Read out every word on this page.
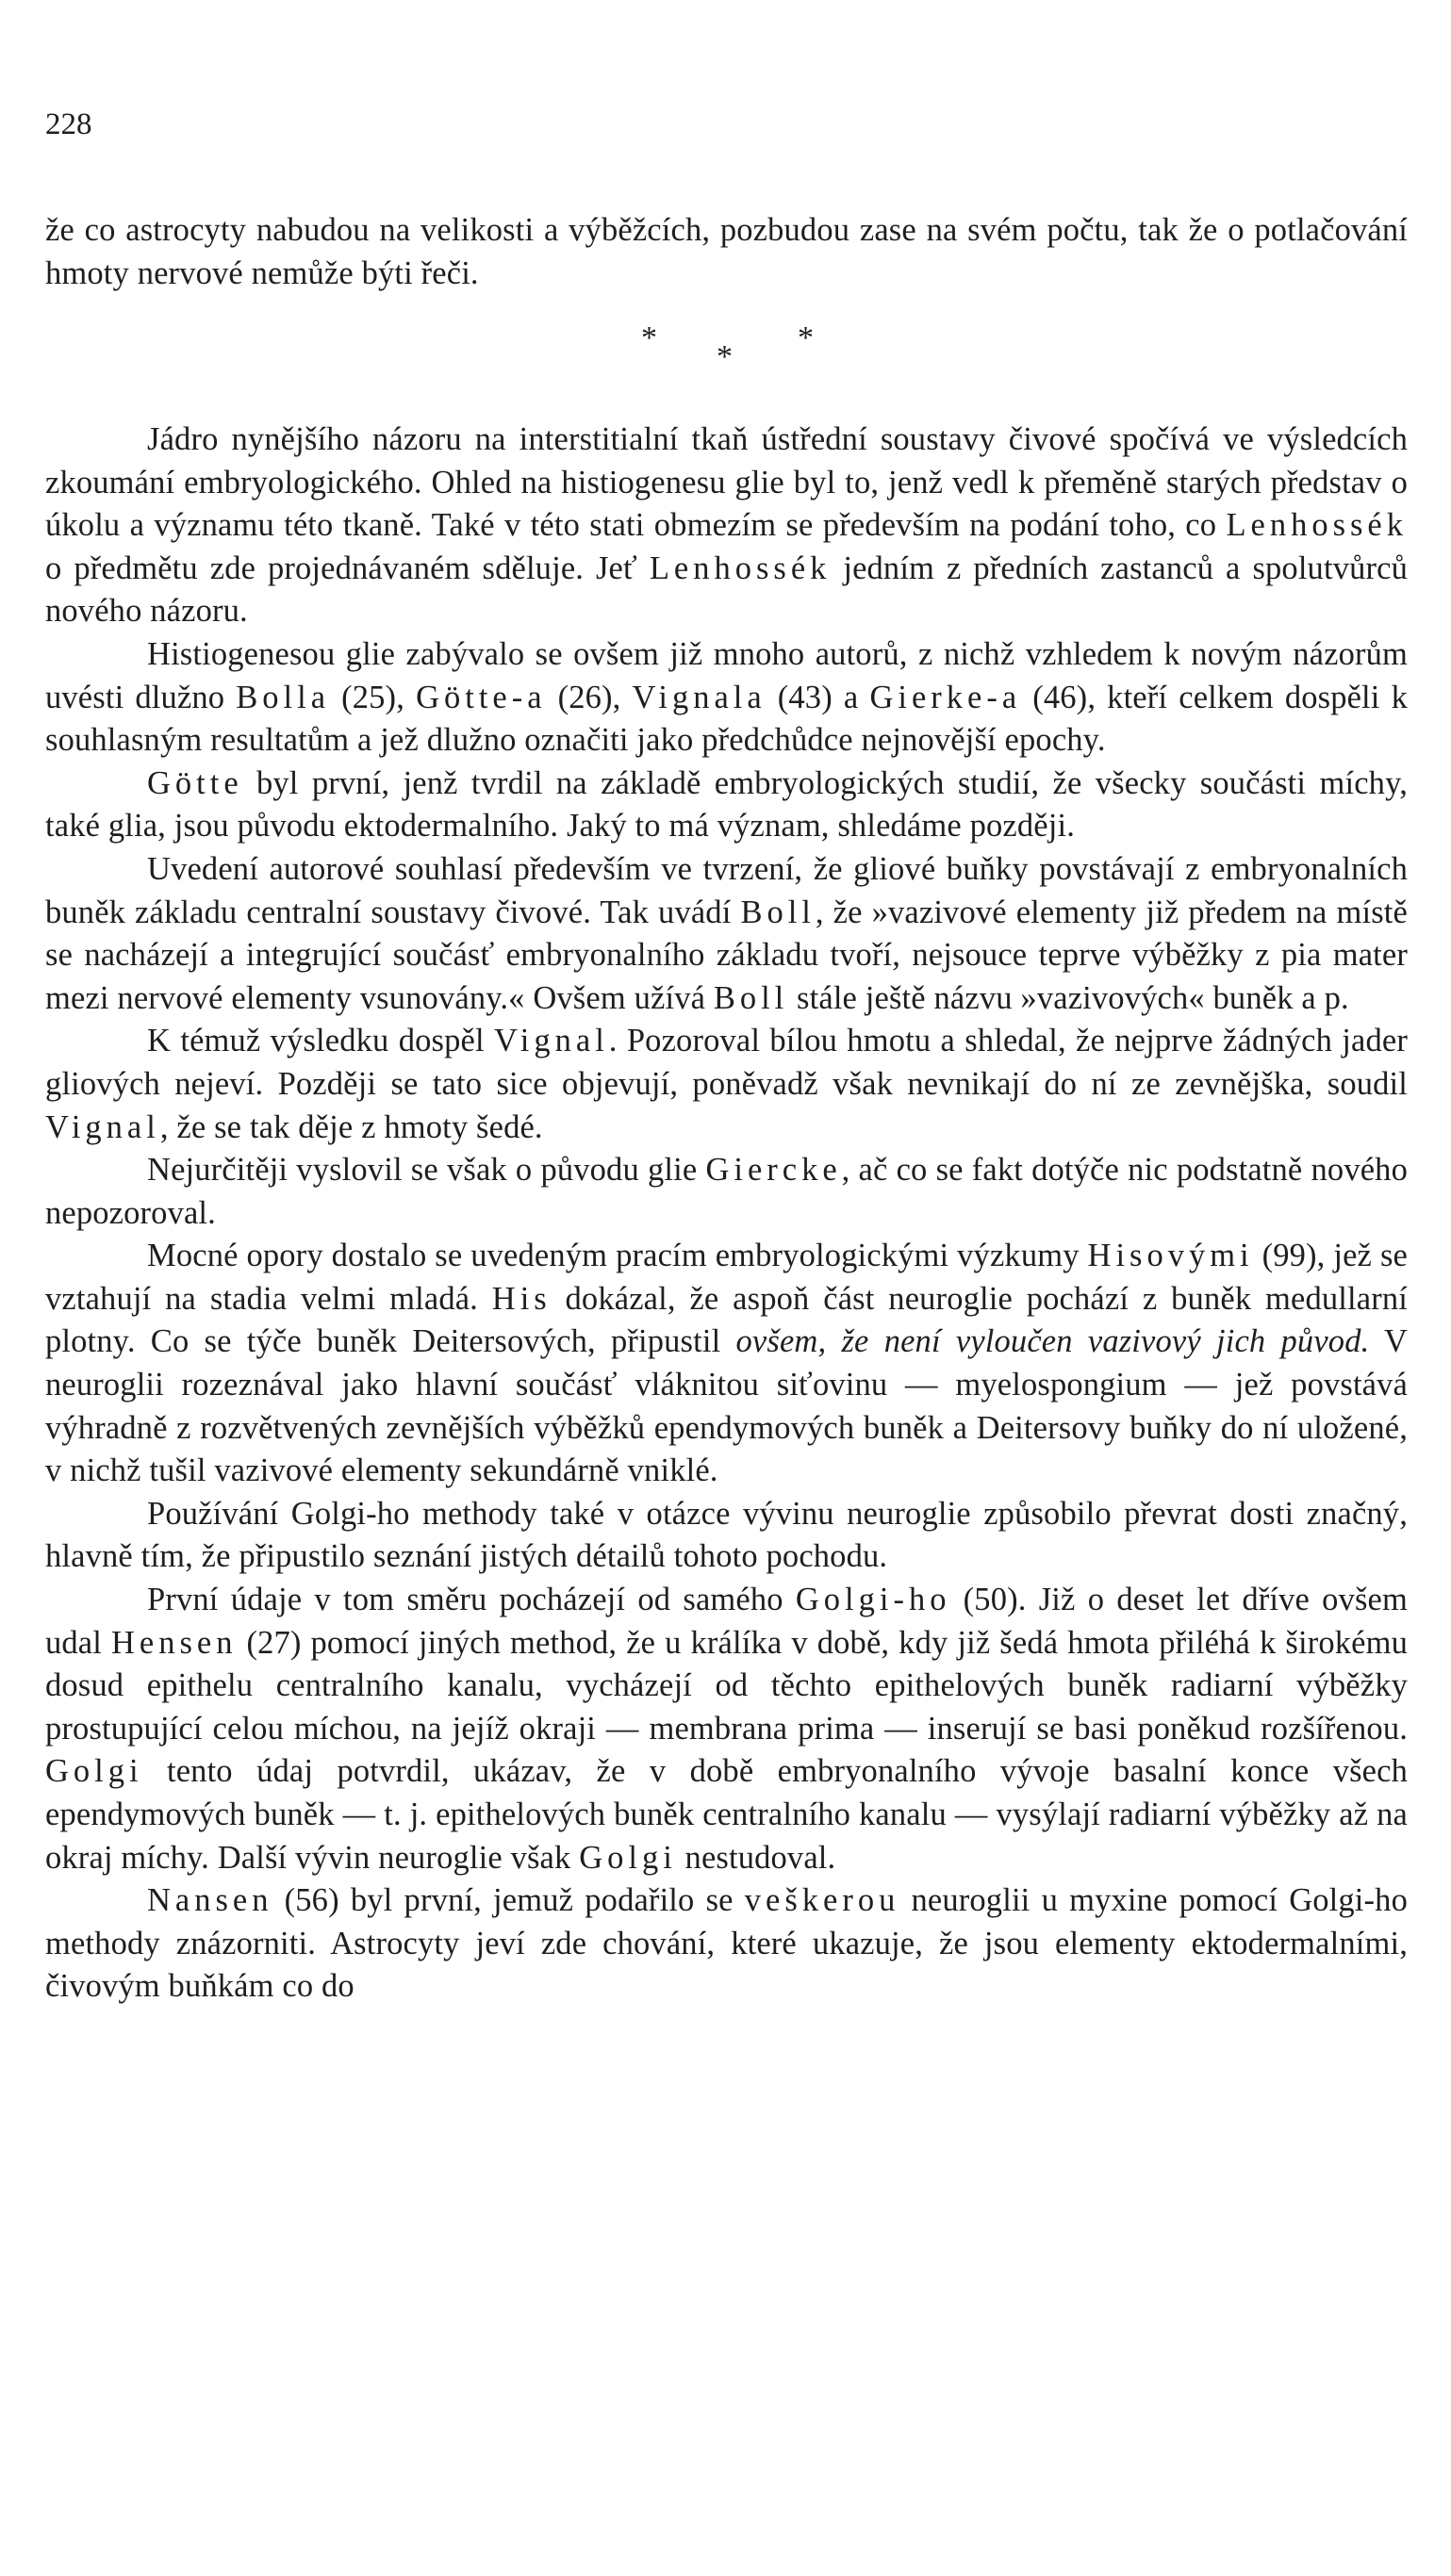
228

že co astrocyty nabudou na velikosti a výběžcích, pozbudou zase na svém počtu, tak že o potlačování hmoty nervové nemůže býti řeči.

*
*
*

Jádro nynějšího názoru na interstitialní tkaň ústřední soustavy čivové spočívá ve výsledcích zkoumání embryologického. Ohled na histiogenesu glie byl to, jenž vedl k přeměně starých představ o úkolu a významu této tkaně. Také v této stati obmezím se především na podání toho, co Lenhossék o předmětu zde projednávaném sděluje. Jeť Lenhossék jedním z předních zastanců a spolutvůrců nového názoru.

Histiogenesou glie zabývalo se ovšem již mnoho autorů, z nichž vzhledem k novým názorům uvésti dlužno Bolla (25), Götte-a (26), Vignala (43) a Gierke-a (46), kteří celkem dospěli k souhlasným resultatům a jež dlužno označiti jako předchůdce nejnovější epochy.

Götte byl první, jenž tvrdil na základě embryologických studií, že všecky součásti míchy, také glia, jsou původu ektodermalního. Jaký to má význam, shledáme později.

Uvedení autorové souhlasí především ve tvrzení, že gliové buňky povstávají z embryonalních buněk základu centralní soustavy čivové. Tak uvádí Boll, že »vazivové elementy již předem na místě se nacházejí a integrující součásť embryonalního základu tvoří, nejsouce teprve výběžky z pia mater mezi nervové elementy vsunovány.« Ovšem užívá Boll stále ještě názvu »vazivových« buněk a p.

K témuž výsledku dospěl Vignal. Pozoroval bílou hmotu a shledal, že nejprve žádných jader gliových nejeví. Později se tato sice objevují, poněvadž však nevnikají do ní ze zevnějška, soudil Vignal, že se tak děje z hmoty šedé.

Nejurčitěji vyslovil se však o původu glie Giercke, ač co se fakt dotýče nic podstatně nového nepozoroval.

Mocné opory dostalo se uvedeným pracím embryologickými výzkumy Hisovými (99), jež se vztahují na stadia velmi mladá. His dokázal, že aspoň část neuroglie pochází z buněk medullarní plotny. Co se týče buněk Deitersových, připustil ovšem, že není vyloučen vazivový jich původ. V neuroglii rozeznával jako hlavní součásť vláknitou siťovinu — myelospongium — jež povstává výhradně z rozvětvených zevnějších výběžků ependymových buněk a Deitersovy buňky do ní uložené, v nichž tušil vazivové elementy sekundárně vniklé.

Používání Golgi-ho methody také v otázce vývinu neuroglie způsobilo převrat dosti značný, hlavně tím, že připustilo seznání jistých détailů tohoto pochodu.

První údaje v tom směru pocházejí od samého Golgi-ho (50). Již o deset let dříve ovšem udal Hensen (27) pomocí jiných method, že u králíka v době, kdy již šedá hmota přiléhá k širokému dosud epithelu centralního kanalu, vycházejí od těchto epithelových buněk radiarní výběžky prostupující celou míchou, na jejíž okraji — membrana prima — inserují se basi poněkud rozšířenou. Golgi tento údaj potvrdil, ukázav, že v době embryonalního vývoje basalní konce všech ependymových buněk — t. j. epithelových buněk centralního kanalu — vysýlají radiarní výběžky až na okraj míchy. Další vývin neuroglie však Golgi nestudoval.

Nansen (56) byl první, jemuž podařilo se veškerou neuroglii u myxine pomocí Golgi-ho methody znázorniti. Astrocyty jeví zde chování, které ukazuje, že jsou elementy ektodermalními, čivovým buňkám co do
